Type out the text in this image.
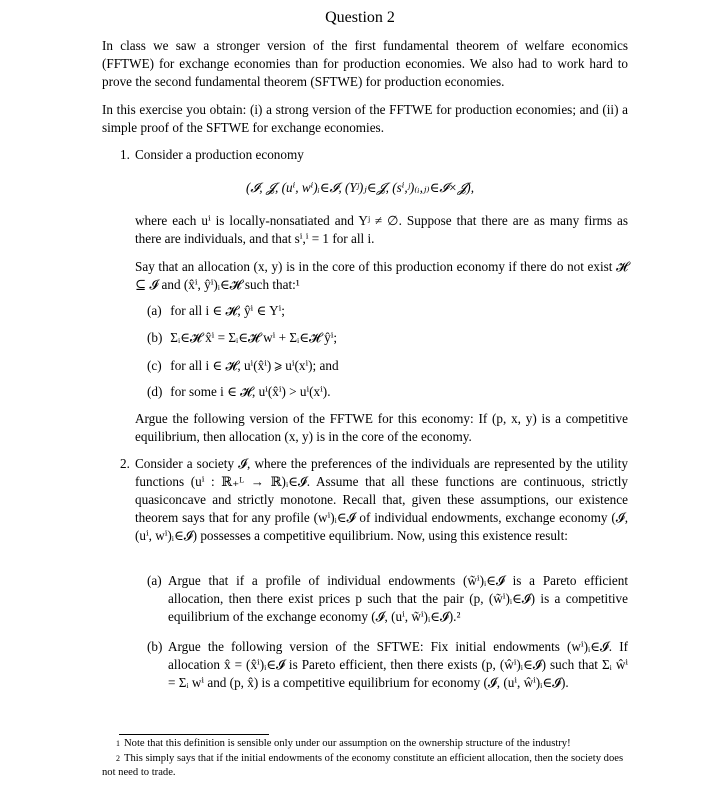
Question 2
In class we saw a stronger version of the first fundamental theorem of welfare economics (FFTWE) for exchange economies than for production economies. We also had to work hard to prove the second fundamental theorem (SFTWE) for production economies.
In this exercise you obtain: (i) a strong version of the FFTWE for production economies; and (ii) a simple proof of the SFTWE for exchange economies.
1. Consider a production economy
(𝓘, 𝓙, (uⁱ, wⁱ)ᵢ∈𝓘, (Yʲ)ⱼ∈𝓙, (sⁱ,ʲ)₍ᵢ,ⱼ₎∈𝓘×𝓙),
where each uⁱ is locally-nonsatiated and Yʲ ≠ ∅. Suppose that there are as many firms as there are individuals, and that sⁱ,ⁱ = 1 for all i.
Say that an allocation (x, y) is in the core of this production economy if there do not exist 𝓗 ⊆ 𝓘 and (x̂ⁱ, ŷⁱ)ᵢ∈𝓗 such that:¹
(a) for all i ∈ 𝓗, ŷⁱ ∈ Yⁱ;
(b) Σᵢ∈𝓗 x̂ⁱ = Σᵢ∈𝓗 wⁱ + Σᵢ∈𝓗 ŷⁱ;
(c) for all i ∈ 𝓗, uⁱ(x̂ⁱ) ⩾ uⁱ(xⁱ); and
(d) for some i ∈ 𝓗, uⁱ(x̂ⁱ) > uⁱ(xⁱ).
Argue the following version of the FFTWE for this economy: If (p, x, y) is a competitive equilibrium, then allocation (x, y) is in the core of the economy.
2. Consider a society 𝓘, where the preferences of the individuals are represented by the utility functions (uⁱ : ℝ₊ᴸ → ℝ)ᵢ∈𝓘. Assume that all these functions are continuous, strictly quasiconcave and strictly monotone. Recall that, given these assumptions, our existence theorem says that for any profile (wⁱ)ᵢ∈𝓘 of individual endowments, exchange economy (𝓘, (uⁱ, wⁱ)ᵢ∈𝓘) possesses a competitive equilibrium. Now, using this existence result:
(a) Argue that if a profile of individual endowments (w̃ⁱ)ᵢ∈𝓘 is a Pareto efficient allocation, then there exist prices p such that the pair (p, (w̃ⁱ)ᵢ∈𝓘) is a competitive equilibrium of the exchange economy (𝓘, (uⁱ, w̃ⁱ)ᵢ∈𝓘).²
(b) Argue the following version of the SFTWE: Fix initial endowments (wⁱ)ᵢ∈𝓘. If allocation x̂ = (x̂ⁱ)ᵢ∈𝓘 is Pareto efficient, then there exists (p, (ŵⁱ)ᵢ∈𝓘) such that Σᵢ ŵⁱ = Σᵢ wⁱ and (p, x̂) is a competitive equilibrium for economy (𝓘, (uⁱ, ŵⁱ)ᵢ∈𝓘).
1 Note that this definition is sensible only under our assumption on the ownership structure of the industry!
2 This simply says that if the initial endowments of the economy constitute an efficient allocation, then the society does not need to trade.
